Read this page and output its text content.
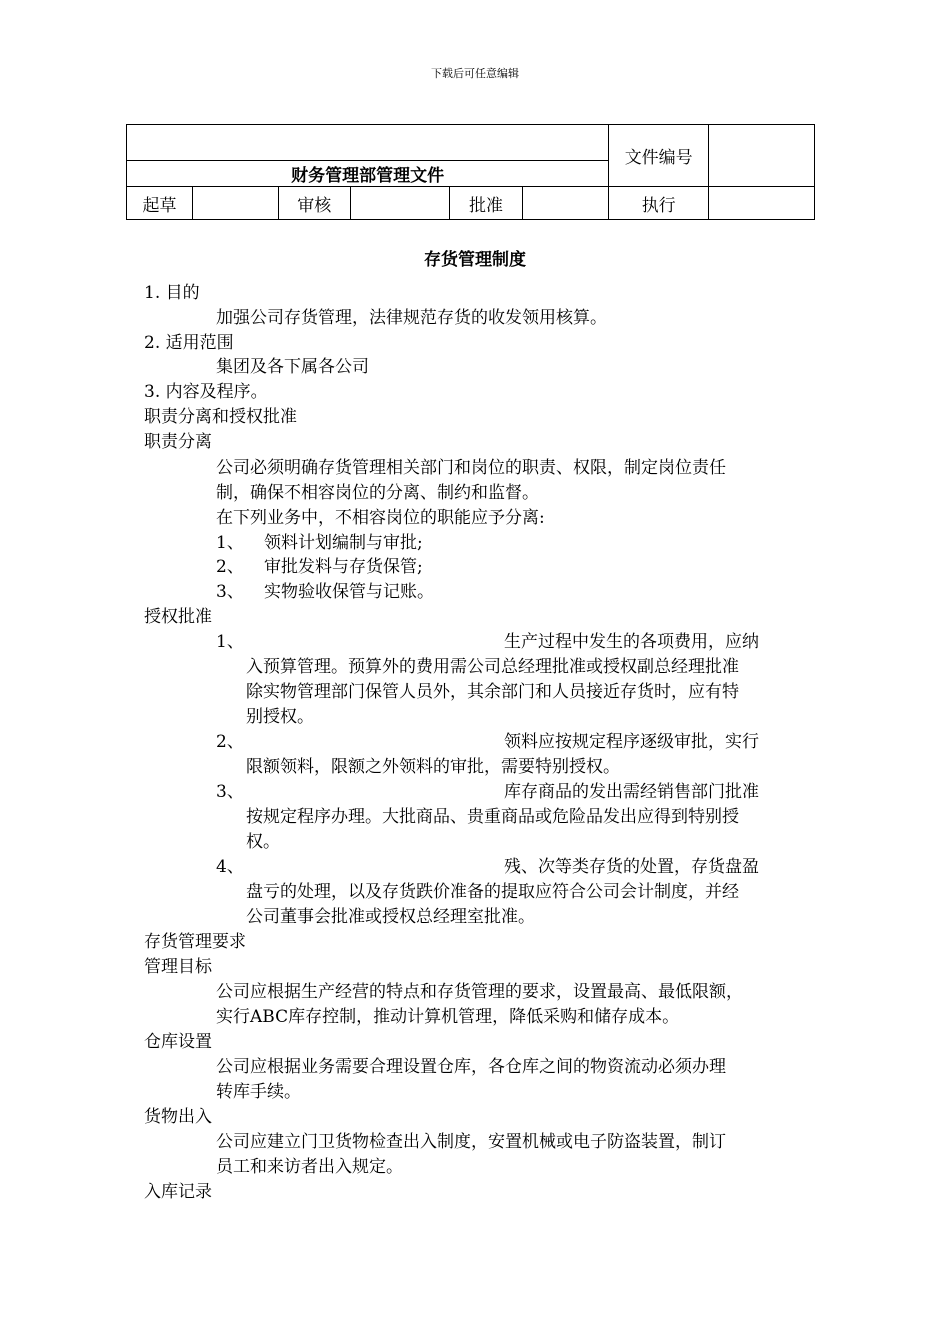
下载后可任意编辑
						文件编号	
财务管理部管理文件							
起草		审核		批准		执行	
存货管理制度
1. 目的
加强公司存货管理，法律规范存货的收发领用核算。
2. 适用范围
集团及各下属各公司
3. 内容及程序。
职责分离和授权批准
职责分离
公司必须明确存货管理相关部门和岗位的职责、权限，制定岗位责任
制，确保不相容岗位的分离、制约和监督。
在下列业务中，不相容岗位的职能应予分离:
1、 领料计划编制与审批;
2、 审批发料与存货保管;
3、 实物验收保管与记账。
授权批准
1、	生产过程中发生的各项费用，应纳
入预算管理。预算外的费用需公司总经理批准或授权副总经理批准
除实物管理部门保管人员外，其余部门和人员接近存货时，应有特
别授权。
2、	领料应按规定程序逐级审批，实行
限额领料，限额之外领料的审批，需要特别授权。
3、	库存商品的发出需经销售部门批准
按规定程序办理。大批商品、贵重商品或危险品发出应得到特别授
权。
4、	残、次等类存货的处置，存货盘盈
盘亏的处理，以及存货跌价准备的提取应符合公司会计制度，并经
公司董事会批准或授权总经理室批准。
存货管理要求
管理目标
公司应根据生产经营的特点和存货管理的要求，设置最高、最低限额，
实行ABC库存控制，推动计算机管理，降低采购和储存成本。
仓库设置
公司应根据业务需要合理设置仓库，各仓库之间的物资流动必须办理
转库手续。
货物出入
公司应建立门卫货物检查出入制度，安置机械或电子防盗装置，制订
员工和来访者出入规定。
入库记录
